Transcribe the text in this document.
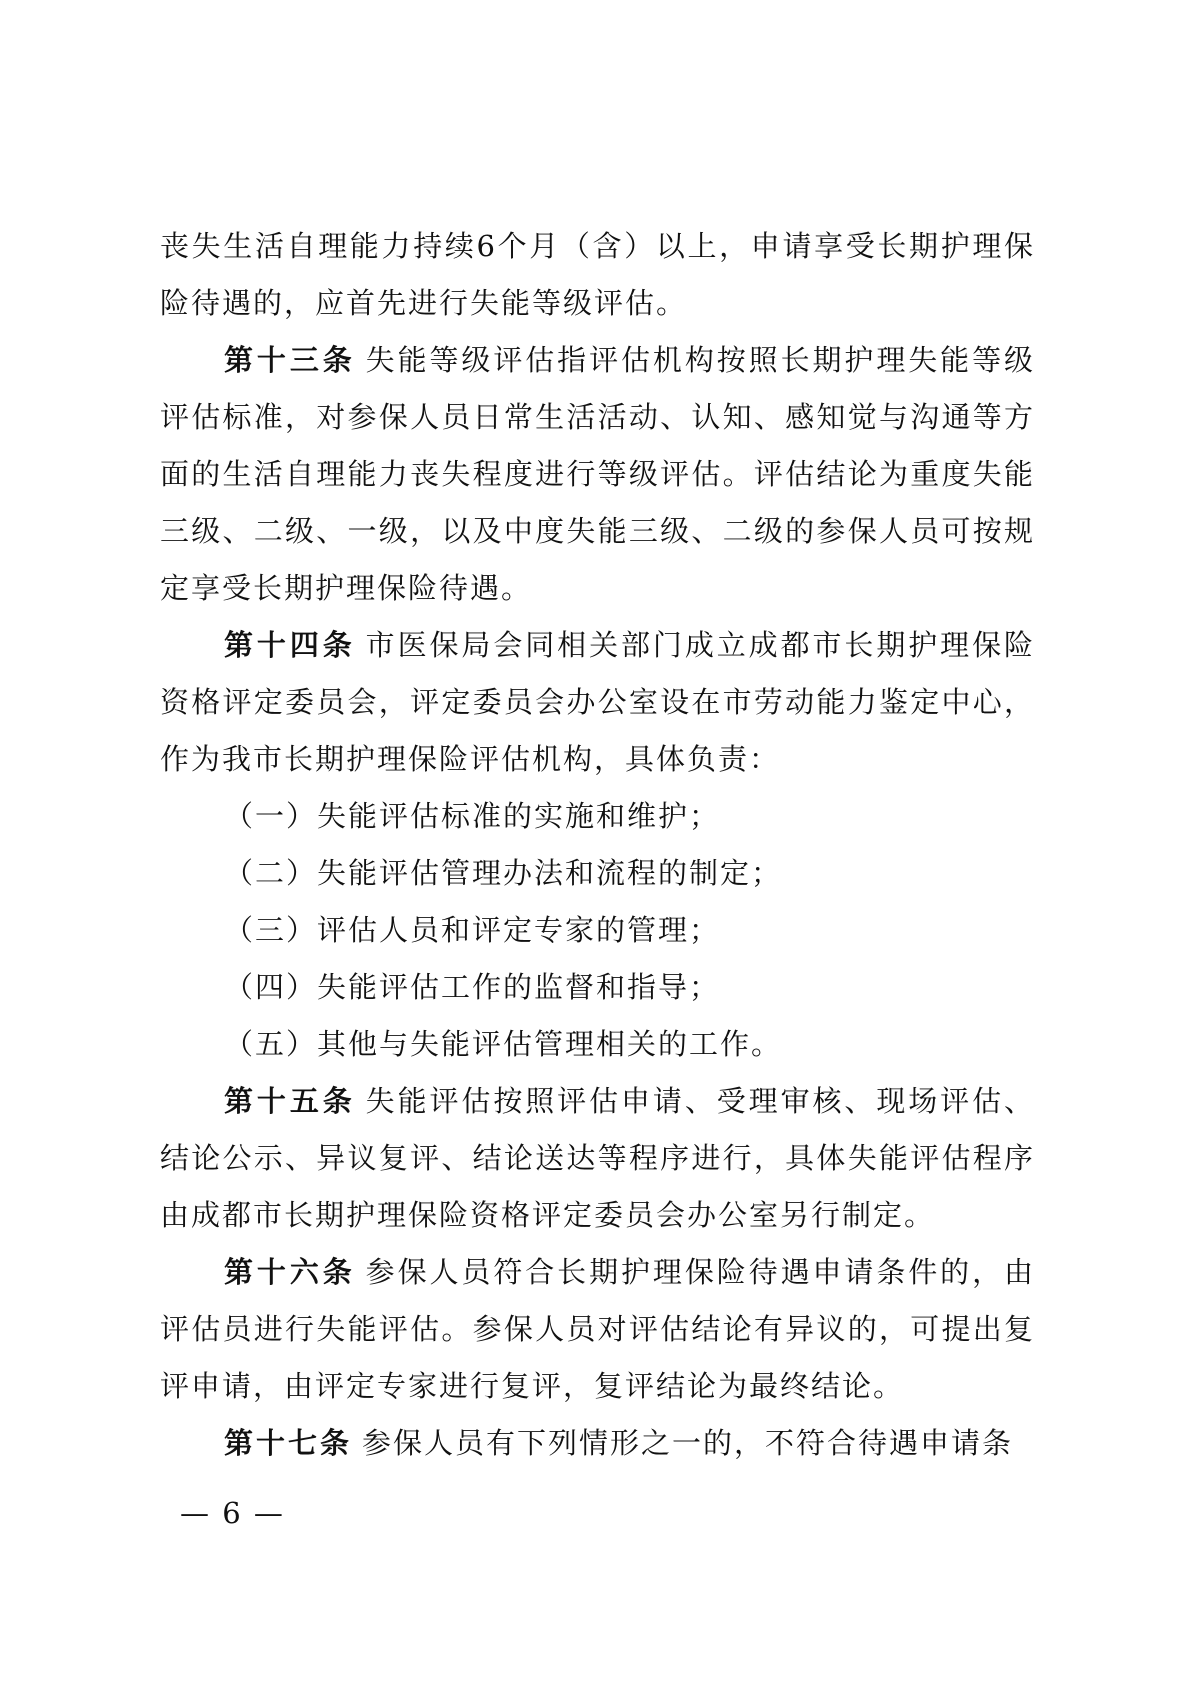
丧失生活自理能力持续6个月（含）以上，申请享受长期护理保险待遇的，应首先进行失能等级评估。

第十三条 失能等级评估指评估机构按照长期护理失能等级评估标准，对参保人员日常生活活动、认知、感知觉与沟通等方面的生活自理能力丧失程度进行等级评估。评估结论为重度失能三级、二级、一级，以及中度失能三级、二级的参保人员可按规定享受长期护理保险待遇。

第十四条 市医保局会同相关部门成立成都市长期护理保险资格评定委员会，评定委员会办公室设在市劳动能力鉴定中心，作为我市长期护理保险评估机构，具体负责：

（一）失能评估标准的实施和维护；

（二）失能评估管理办法和流程的制定；

（三）评估人员和评定专家的管理；

（四）失能评估工作的监督和指导；

（五）其他与失能评估管理相关的工作。

第十五条 失能评估按照评估申请、受理审核、现场评估、结论公示、异议复评、结论送达等程序进行，具体失能评估程序由成都市长期护理保险资格评定委员会办公室另行制定。

第十六条 参保人员符合长期护理保险待遇申请条件的，由评估员进行失能评估。参保人员对评估结论有异议的，可提出复评申请，由评定专家进行复评，复评结论为最终结论。

第十七条 参保人员有下列情形之一的，不符合待遇申请条

— 6 —
